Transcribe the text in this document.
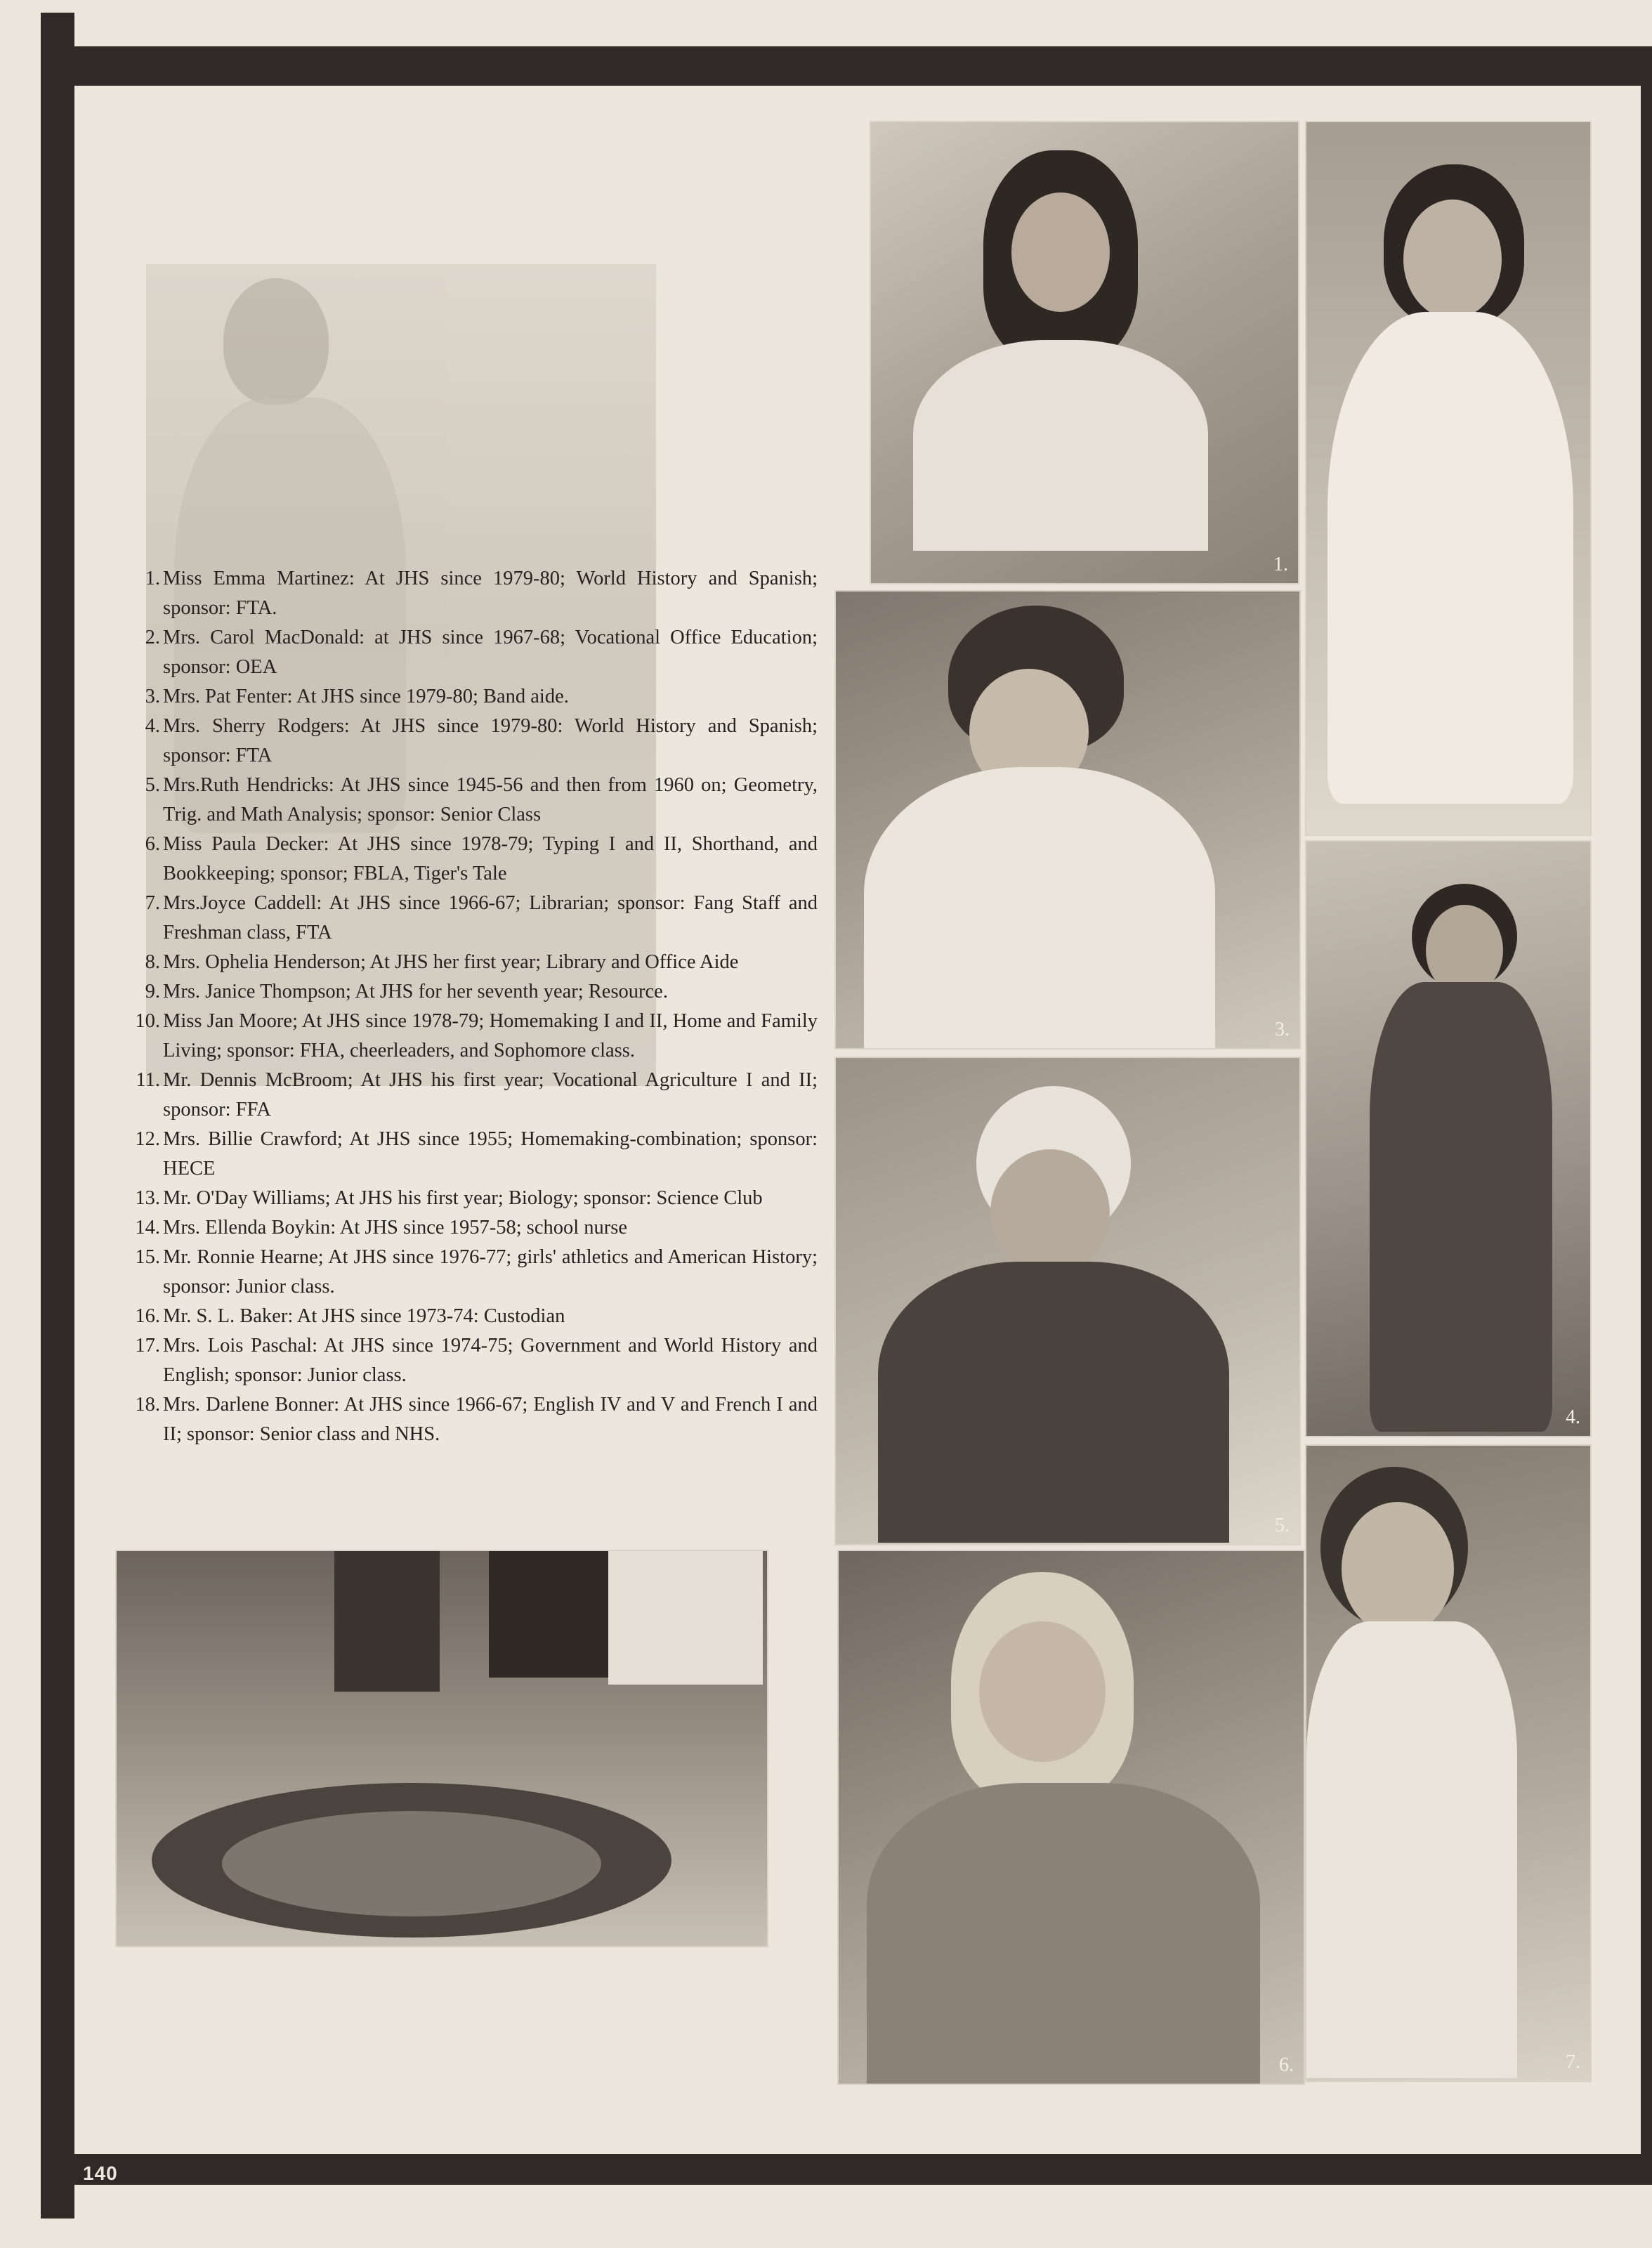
1. Miss Emma Martinez: At JHS since 1979-80; World History and Spanish; sponsor: FTA.
2. Mrs. Carol MacDonald: at JHS since 1967-68; Vocational Office Education; sponsor: OEA
3. Mrs. Pat Fenter: At JHS since 1979-80; Band aide.
4. Mrs. Sherry Rodgers: At JHS since 1979-80: World History and Spanish; sponsor: FTA
5. Mrs.Ruth Hendricks: At JHS since 1945-56 and then from 1960 on; Geometry, Trig. and Math Analysis; sponsor: Senior Class
6. Miss Paula Decker: At JHS since 1978-79; Typing I and II, Shorthand, and Bookkeeping; sponsor; FBLA, Tiger's Tale
7. Mrs.Joyce Caddell: At JHS since 1966-67; Librarian; sponsor: Fang Staff and Freshman class, FTA
8. Mrs. Ophelia Henderson; At JHS her first year; Library and Office Aide
9. Mrs. Janice Thompson; At JHS for her seventh year; Resource.
10. Miss Jan Moore; At JHS since 1978-79; Homemaking I and II, Home and Family Living; sponsor: FHA, cheerleaders, and Sophomore class.
11. Mr. Dennis McBroom; At JHS his first year; Vocational Agriculture I and II; sponsor: FFA
12. Mrs. Billie Crawford; At JHS since 1955; Homemaking-combination; sponsor: HECE
13. Mr. O'Day Williams; At JHS his first year; Biology; sponsor: Science Club
14. Mrs. Ellenda Boykin: At JHS since 1957-58; school nurse
15. Mr. Ronnie Hearne; At JHS since 1976-77; girls' athletics and American History; sponsor: Junior class.
16. Mr. S. L. Baker: At JHS since 1973-74: Custodian
17. Mrs. Lois Paschal: At JHS since 1974-75; Government and World History and English; sponsor: Junior class.
18. Mrs. Darlene Bonner: At JHS since 1966-67; English IV and V and French I and II; sponsor: Senior class and NHS.
1.
3.
4.
5.
7.
6.
140
